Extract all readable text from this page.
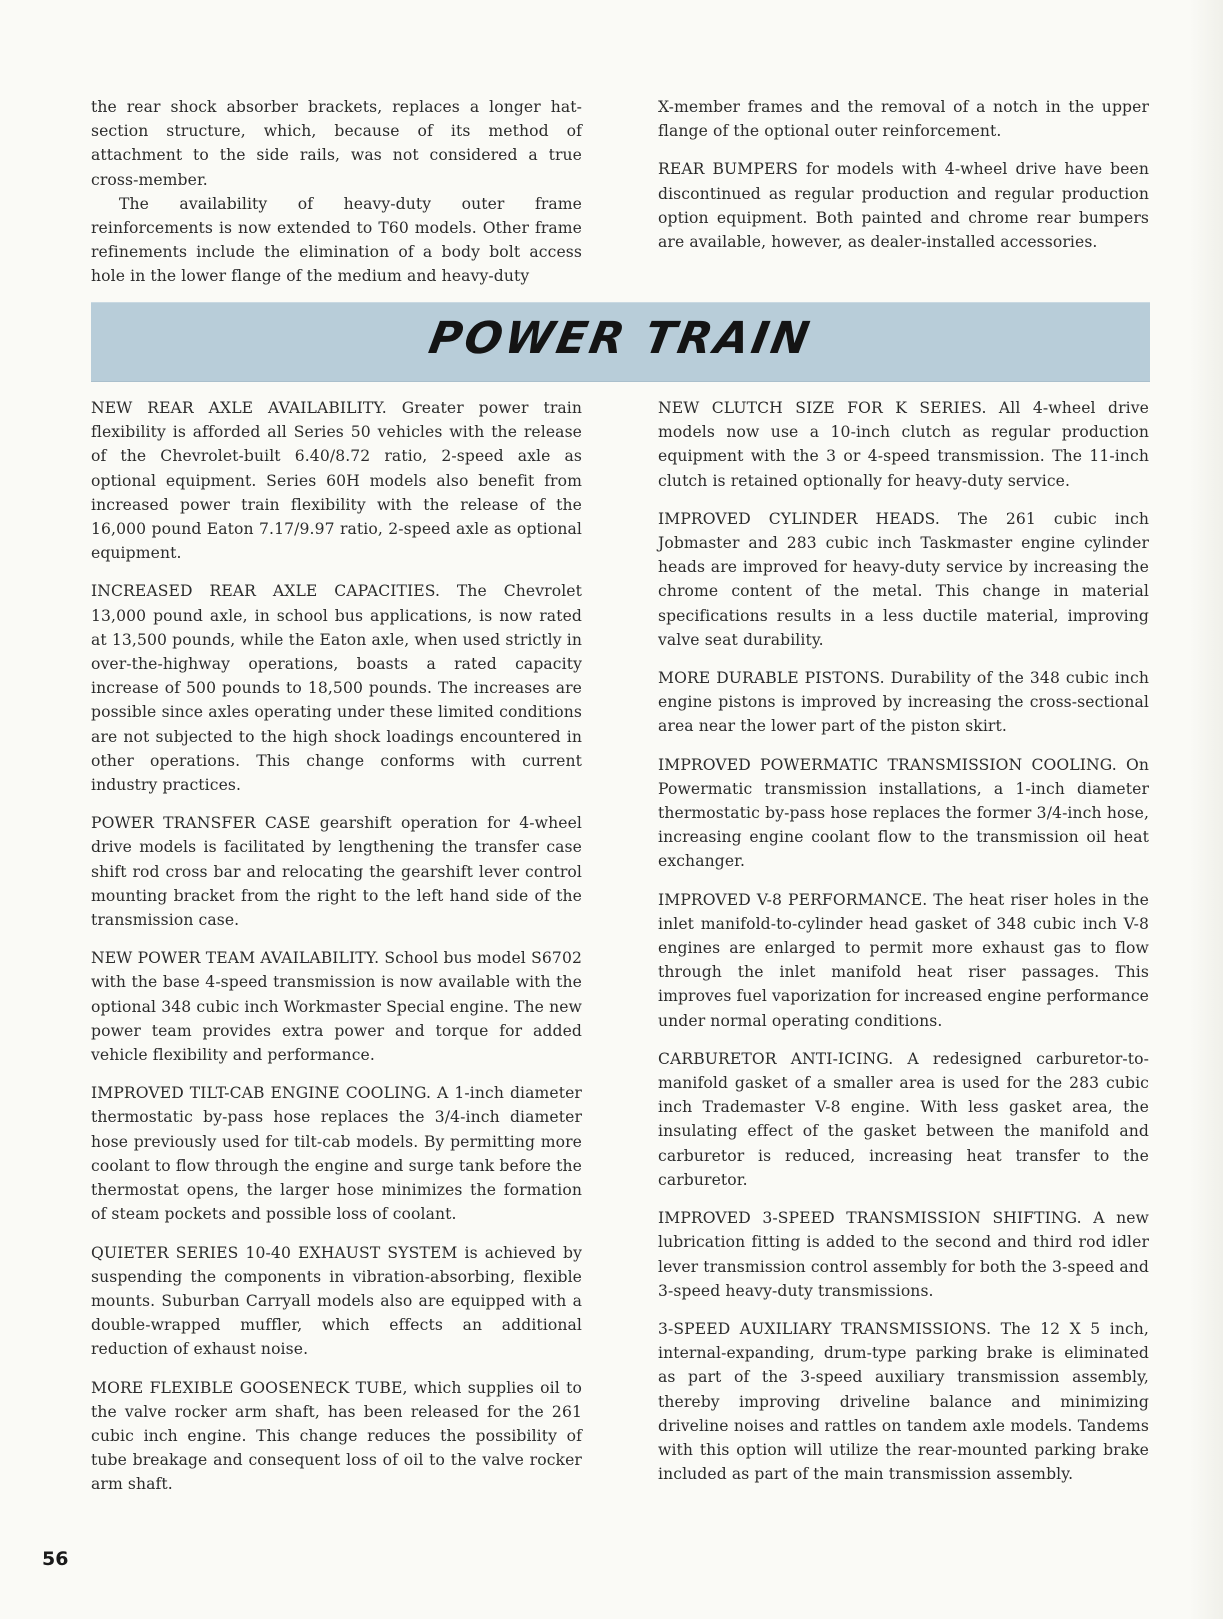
the rear shock absorber brackets, replaces a longer hat-section structure, which, because of its method of attachment to the side rails, was not considered a true cross-member.

The availability of heavy-duty outer frame reinforcements is now extended to T60 models. Other frame refinements include the elimination of a body bolt access hole in the lower flange of the medium and heavy-duty

X-member frames and the removal of a notch in the upper flange of the optional outer reinforcement.

REAR BUMPERS for models with 4-wheel drive have been discontinued as regular production and regular production option equipment. Both painted and chrome rear bumpers are available, however, as dealer-installed accessories.

POWER TRAIN

NEW REAR AXLE AVAILABILITY. Greater power train flexibility is afforded all Series 50 vehicles with the release of the Chevrolet-built 6.40/8.72 ratio, 2-speed axle as optional equipment. Series 60H models also benefit from increased power train flexibility with the release of the 16,000 pound Eaton 7.17/9.97 ratio, 2-speed axle as optional equipment.

INCREASED REAR AXLE CAPACITIES. The Chevrolet 13,000 pound axle, in school bus applications, is now rated at 13,500 pounds, while the Eaton axle, when used strictly in over-the-highway operations, boasts a rated capacity increase of 500 pounds to 18,500 pounds. The increases are possible since axles operating under these limited conditions are not subjected to the high shock loadings encountered in other operations. This change conforms with current industry practices.

POWER TRANSFER CASE gearshift operation for 4-wheel drive models is facilitated by lengthening the transfer case shift rod cross bar and relocating the gearshift lever control mounting bracket from the right to the left hand side of the transmission case.

NEW POWER TEAM AVAILABILITY. School bus model S6702 with the base 4-speed transmission is now available with the optional 348 cubic inch Workmaster Special engine. The new power team provides extra power and torque for added vehicle flexibility and performance.

IMPROVED TILT-CAB ENGINE COOLING. A 1-inch diameter thermostatic by-pass hose replaces the 3/4-inch diameter hose previously used for tilt-cab models. By permitting more coolant to flow through the engine and surge tank before the thermostat opens, the larger hose minimizes the formation of steam pockets and possible loss of coolant.

QUIETER SERIES 10-40 EXHAUST SYSTEM is achieved by suspending the components in vibration-absorbing, flexible mounts. Suburban Carryall models also are equipped with a double-wrapped muffler, which effects an additional reduction of exhaust noise.

MORE FLEXIBLE GOOSENECK TUBE, which supplies oil to the valve rocker arm shaft, has been released for the 261 cubic inch engine. This change reduces the possibility of tube breakage and consequent loss of oil to the valve rocker arm shaft.

NEW CLUTCH SIZE FOR K SERIES. All 4-wheel drive models now use a 10-inch clutch as regular production equipment with the 3 or 4-speed transmission. The 11-inch clutch is retained optionally for heavy-duty service.

IMPROVED CYLINDER HEADS. The 261 cubic inch Jobmaster and 283 cubic inch Taskmaster engine cylinder heads are improved for heavy-duty service by increasing the chrome content of the metal. This change in material specifications results in a less ductile material, improving valve seat durability.

MORE DURABLE PISTONS. Durability of the 348 cubic inch engine pistons is improved by increasing the cross-sectional area near the lower part of the piston skirt.

IMPROVED POWERMATIC TRANSMISSION COOLING. On Powermatic transmission installations, a 1-inch diameter thermostatic by-pass hose replaces the former 3/4-inch hose, increasing engine coolant flow to the transmission oil heat exchanger.

IMPROVED V-8 PERFORMANCE. The heat riser holes in the inlet manifold-to-cylinder head gasket of 348 cubic inch V-8 engines are enlarged to permit more exhaust gas to flow through the inlet manifold heat riser passages. This improves fuel vaporization for increased engine performance under normal operating conditions.

CARBURETOR ANTI-ICING. A redesigned carburetor-to-manifold gasket of a smaller area is used for the 283 cubic inch Trademaster V-8 engine. With less gasket area, the insulating effect of the gasket between the manifold and carburetor is reduced, increasing heat transfer to the carburetor.

IMPROVED 3-SPEED TRANSMISSION SHIFTING. A new lubrication fitting is added to the second and third rod idler lever transmission control assembly for both the 3-speed and 3-speed heavy-duty transmissions.

3-SPEED AUXILIARY TRANSMISSIONS. The 12 X 5 inch, internal-expanding, drum-type parking brake is eliminated as part of the 3-speed auxiliary transmission assembly, thereby improving driveline balance and minimizing driveline noises and rattles on tandem axle models. Tandems with this option will utilize the rear-mounted parking brake included as part of the main transmission assembly.

56
